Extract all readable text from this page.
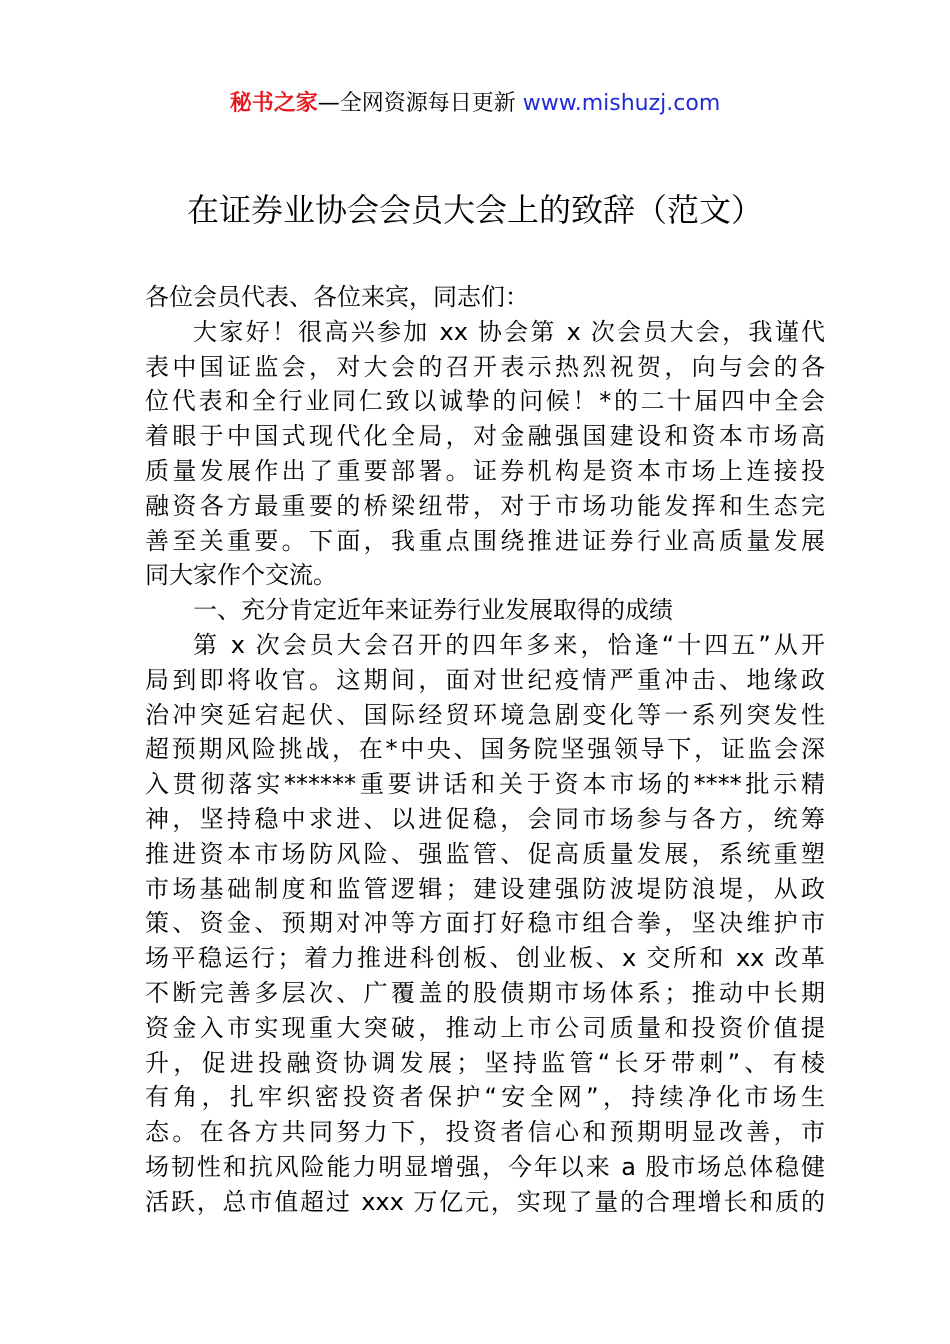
秘书之家—全网资源每日更新 www.mishuzj.com
在证券业协会会员大会上的致辞（范文）
各位会员代表、各位来宾，同志们：
大家好！很高兴参加 xx 协会第 x 次会员大会，我谨代
表中国证监会，对大会的召开表示热烈祝贺，向与会的各
位代表和全行业同仁致以诚挚的问候！*的二十届四中全会
着眼于中国式现代化全局，对金融强国建设和资本市场高
质量发展作出了重要部署。证券机构是资本市场上连接投
融资各方最重要的桥梁纽带，对于市场功能发挥和生态完
善至关重要。下面，我重点围绕推进证券行业高质量发展
同大家作个交流。
一、充分肯定近年来证券行业发展取得的成绩
第 x 次会员大会召开的四年多来，恰逢“十四五”从开
局到即将收官。这期间，面对世纪疫情严重冲击、地缘政
治冲突延宕起伏、国际经贸环境急剧变化等一系列突发性
超预期风险挑战，在*中央、国务院坚强领导下，证监会深
入贯彻落实******重要讲话和关于资本市场的****批示精
神，坚持稳中求进、以进促稳，会同市场参与各方，统筹
推进资本市场防风险、强监管、促高质量发展，系统重塑
市场基础制度和监管逻辑；建设建强防波堤防浪堤，从政
策、资金、预期对冲等方面打好稳市组合拳，坚决维护市
场平稳运行；着力推进科创板、创业板、x 交所和 xx 改革
不断完善多层次、广覆盖的股债期市场体系；推动中长期
资金入市实现重大突破，推动上市公司质量和投资价值提
升，促进投融资协调发展；坚持监管“长牙带刺”、有棱
有角，扎牢织密投资者保护“安全网”，持续净化市场生
态。在各方共同努力下，投资者信心和预期明显改善，市
场韧性和抗风险能力明显增强，今年以来 a 股市场总体稳健
活跃，总市值超过 xxx 万亿元，实现了量的合理增长和质的
